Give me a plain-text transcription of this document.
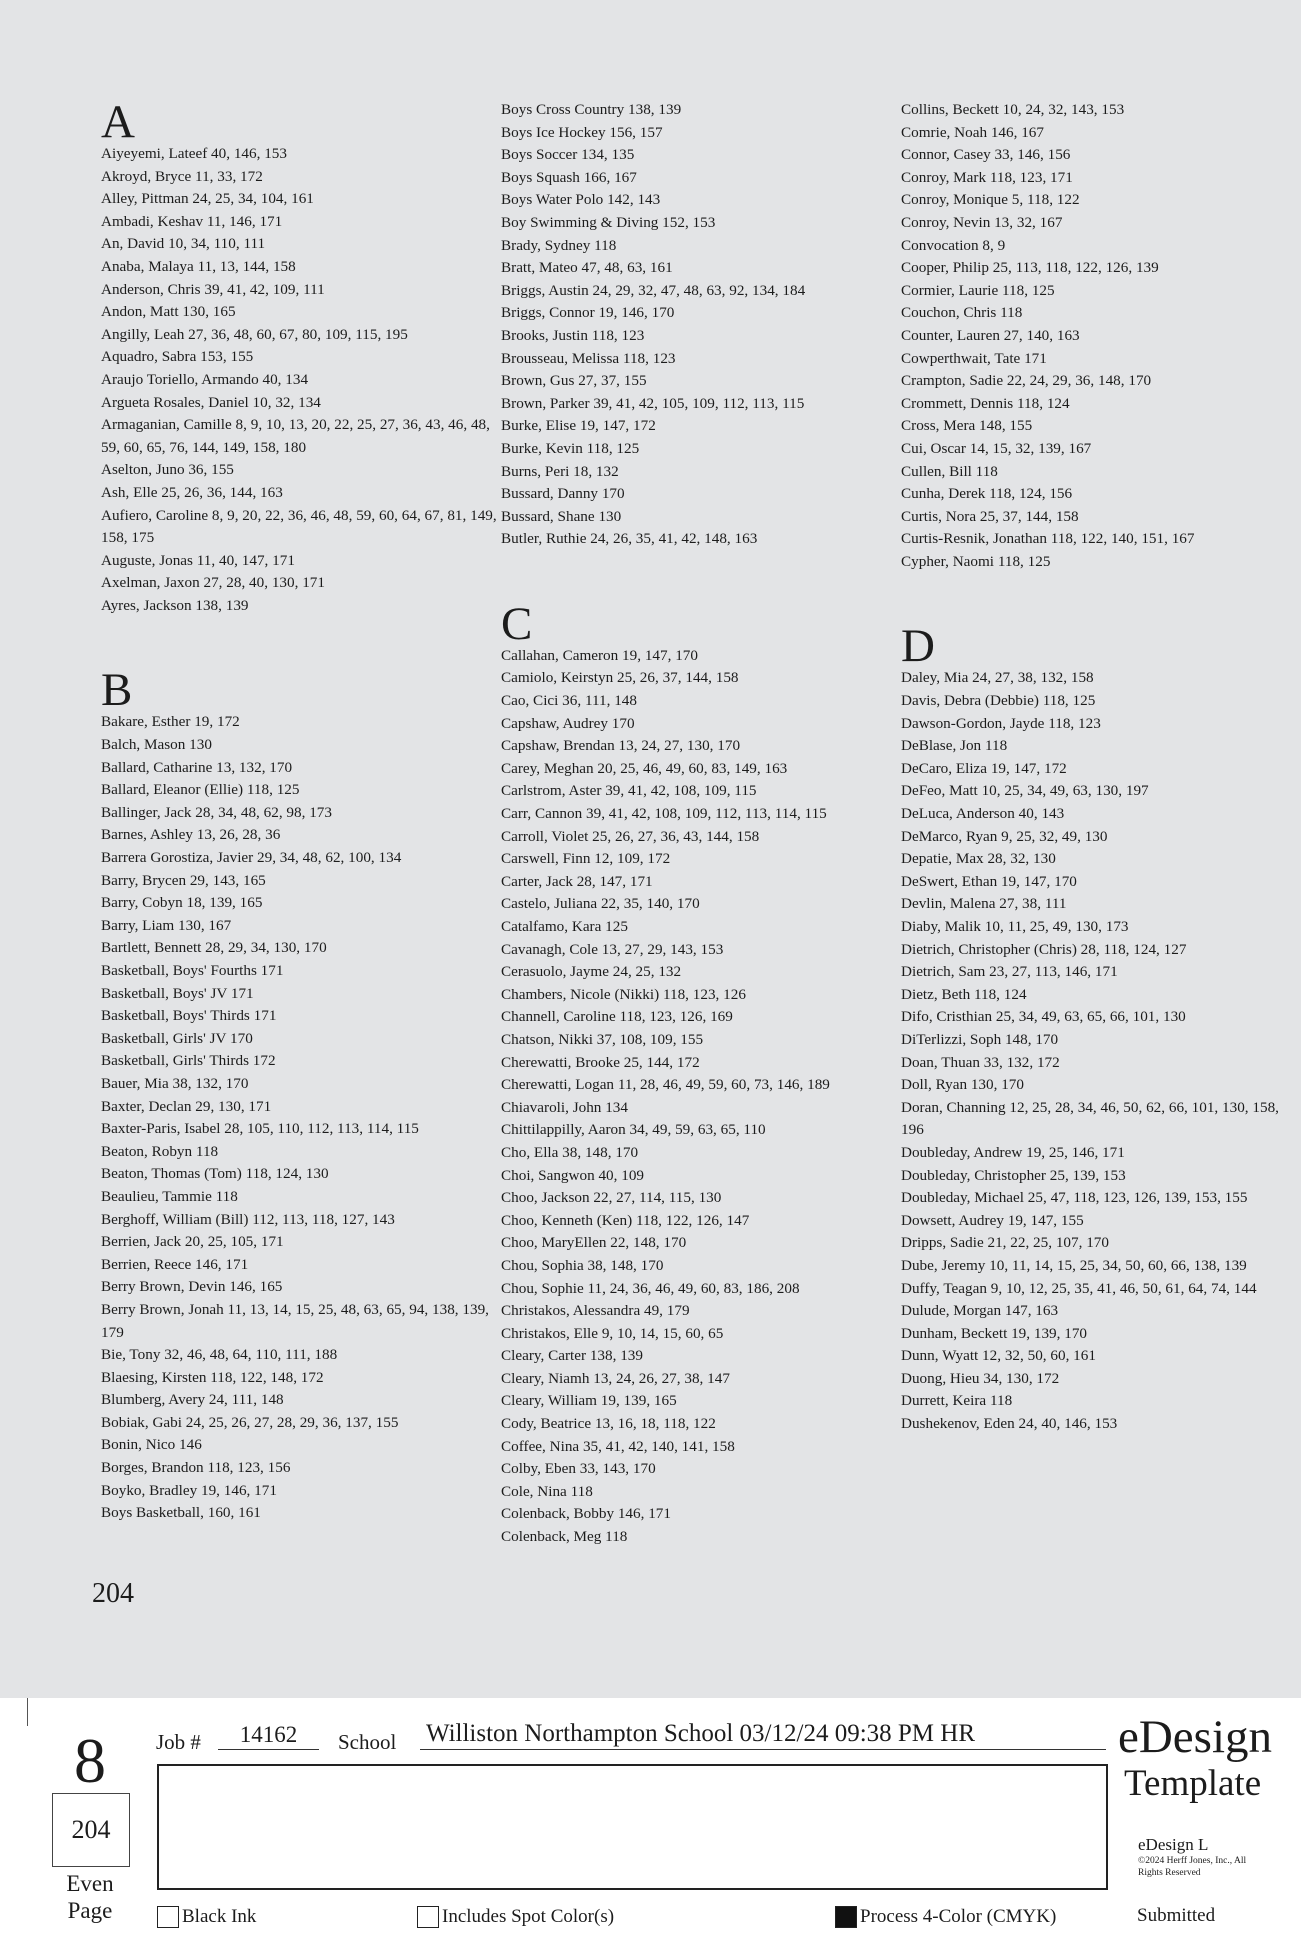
A
Aiyeyemi, Lateef 40, 146, 153
Akroyd, Bryce 11, 33, 172
Alley, Pittman 24, 25, 34, 104, 161
Ambadi, Keshav 11, 146, 171
An, David 10, 34, 110, 111
Anaba, Malaya 11, 13, 144, 158
Anderson, Chris 39, 41, 42, 109, 111
Andon, Matt 130, 165
Angilly, Leah 27, 36, 48, 60, 67, 80, 109, 115, 195
Aquadro, Sabra 153, 155
Araujo Toriello, Armando 40, 134
Argueta Rosales, Daniel 10, 32, 134
Armaganian, Camille 8, 9, 10, 13, 20, 22, 25, 27, 36, 43, 46, 48, 59, 60, 65, 76, 144, 149, 158, 180
Aselton, Juno 36, 155
Ash, Elle 25, 26, 36, 144, 163
Aufiero, Caroline 8, 9, 20, 22, 36, 46, 48, 59, 60, 64, 67, 81, 149, 158, 175
Auguste, Jonas 11, 40, 147, 171
Axelman, Jaxon 27, 28, 40, 130, 171
Ayres, Jackson 138, 139
B
Bakare, Esther 19, 172
Balch, Mason 130
Ballard, Catharine 13, 132, 170
Ballard, Eleanor (Ellie) 118, 125
Ballinger, Jack 28, 34, 48, 62, 98, 173
Barnes, Ashley 13, 26, 28, 36
Barrera Gorostiza, Javier 29, 34, 48, 62, 100, 134
Barry, Brycen 29, 143, 165
Barry, Cobyn 18, 139, 165
Barry, Liam 130, 167
Bartlett, Bennett 28, 29, 34, 130, 170
Basketball, Boys' Fourths 171
Basketball, Boys' JV 171
Basketball, Boys' Thirds 171
Basketball, Girls' JV 170
Basketball, Girls' Thirds 172
Bauer, Mia 38, 132, 170
Baxter, Declan 29, 130, 171
Baxter-Paris, Isabel 28, 105, 110, 112, 113, 114, 115
Beaton, Robyn 118
Beaton, Thomas (Tom) 118, 124, 130
Beaulieu, Tammie 118
Berghoff, William (Bill) 112, 113, 118, 127, 143
Berrien, Jack 20, 25, 105, 171
Berrien, Reece 146, 171
Berry Brown, Devin 146, 165
Berry Brown, Jonah 11, 13, 14, 15, 25, 48, 63, 65, 94, 138, 139, 179
Bie, Tony 32, 46, 48, 64, 110, 111, 188
Blaesing, Kirsten 118, 122, 148, 172
Blumberg, Avery 24, 111, 148
Bobiak, Gabi 24, 25, 26, 27, 28, 29, 36, 137, 155
Bonin, Nico 146
Borges, Brandon 118, 123, 156
Boyko, Bradley 19, 146, 171
Boys Basketball, 160, 161
Boys Cross Country 138, 139
Boys Ice Hockey 156, 157
Boys Soccer 134, 135
Boys Squash 166, 167
Boys Water Polo 142, 143
Boy Swimming & Diving 152, 153
Brady, Sydney 118
Bratt, Mateo 47, 48, 63, 161
Briggs, Austin 24, 29, 32, 47, 48, 63, 92, 134, 184
Briggs, Connor 19, 146, 170
Brooks, Justin 118, 123
Brousseau, Melissa 118, 123
Brown, Gus 27, 37, 155
Brown, Parker 39, 41, 42, 105, 109, 112, 113, 115
Burke, Elise 19, 147, 172
Burke, Kevin 118, 125
Burns, Peri 18, 132
Bussard, Danny 170
Bussard, Shane 130
Butler, Ruthie 24, 26, 35, 41, 42, 148, 163
C
Callahan, Cameron 19, 147, 170
Camiolo, Keirstyn 25, 26, 37, 144, 158
Cao, Cici 36, 111, 148
Capshaw, Audrey 170
Capshaw, Brendan 13, 24, 27, 130, 170
Carey, Meghan 20, 25, 46, 49, 60, 83, 149, 163
Carlstrom, Aster 39, 41, 42, 108, 109, 115
Carr, Cannon 39, 41, 42, 108, 109, 112, 113, 114, 115
Carroll, Violet 25, 26, 27, 36, 43, 144, 158
Carswell, Finn 12, 109, 172
Carter, Jack 28, 147, 171
Castelo, Juliana 22, 35, 140, 170
Catalfamo, Kara 125
Cavanagh, Cole 13, 27, 29, 143, 153
Cerasuolo, Jayme 24, 25, 132
Chambers, Nicole (Nikki) 118, 123, 126
Channell, Caroline 118, 123, 126, 169
Chatson, Nikki 37, 108, 109, 155
Cherewatti, Brooke 25, 144, 172
Cherewatti, Logan 11, 28, 46, 49, 59, 60, 73, 146, 189
Chiavaroli, John 134
Chittilappilly, Aaron 34, 49, 59, 63, 65, 110
Cho, Ella 38, 148, 170
Choi, Sangwon 40, 109
Choo, Jackson 22, 27, 114, 115, 130
Choo, Kenneth (Ken) 118, 122, 126, 147
Choo, MaryEllen 22, 148, 170
Chou, Sophia 38, 148, 170
Chou, Sophie 11, 24, 36, 46, 49, 60, 83, 186, 208
Christakos, Alessandra 49, 179
Christakos, Elle 9, 10, 14, 15, 60, 65
Cleary, Carter 138, 139
Cleary, Niamh 13, 24, 26, 27, 38, 147
Cleary, William 19, 139, 165
Cody, Beatrice 13, 16, 18, 118, 122
Coffee, Nina 35, 41, 42, 140, 141, 158
Colby, Eben 33, 143, 170
Cole, Nina 118
Colenback, Bobby 146, 171
Colenback, Meg 118
Collins, Beckett 10, 24, 32, 143, 153
Comrie, Noah 146, 167
Connor, Casey 33, 146, 156
Conroy, Mark 118, 123, 171
Conroy, Monique 5, 118, 122
Conroy, Nevin 13, 32, 167
Convocation 8, 9
Cooper, Philip 25, 113, 118, 122, 126, 139
Cormier, Laurie 118, 125
Couchon, Chris 118
Counter, Lauren 27, 140, 163
Cowperthwait, Tate 171
Crampton, Sadie 22, 24, 29, 36, 148, 170
Crommett, Dennis 118, 124
Cross, Mera 148, 155
Cui, Oscar 14, 15, 32, 139, 167
Cullen, Bill 118
Cunha, Derek 118, 124, 156
Curtis, Nora 25, 37, 144, 158
Curtis-Resnik, Jonathan 118, 122, 140, 151, 167
Cypher, Naomi 118, 125
D
Daley, Mia 24, 27, 38, 132, 158
Davis, Debra (Debbie) 118, 125
Dawson-Gordon, Jayde 118, 123
DeBlase, Jon 118
DeCaro, Eliza 19, 147, 172
DeFeo, Matt 10, 25, 34, 49, 63, 130, 197
DeLuca, Anderson 40, 143
DeMarco, Ryan 9, 25, 32, 49, 130
Depatie, Max 28, 32, 130
DeSwert, Ethan 19, 147, 170
Devlin, Malena 27, 38, 111
Diaby, Malik 10, 11, 25, 49, 130, 173
Dietrich, Christopher (Chris) 28, 118, 124, 127
Dietrich, Sam 23, 27, 113, 146, 171
Dietz, Beth 118, 124
Difo, Cristhian 25, 34, 49, 63, 65, 66, 101, 130
DiTerlizzi, Soph 148, 170
Doan, Thuan 33, 132, 172
Doll, Ryan 130, 170
Doran, Channing 12, 25, 28, 34, 46, 50, 62, 66, 101, 130, 158, 196
Doubleday, Andrew 19, 25, 146, 171
Doubleday, Christopher 25, 139, 153
Doubleday, Michael 25, 47, 118, 123, 126, 139, 153, 155
Dowsett, Audrey 19, 147, 155
Dripps, Sadie 21, 22, 25, 107, 170
Dube, Jeremy 10, 11, 14, 15, 25, 34, 50, 60, 66, 138, 139
Duffy, Teagan 9, 10, 12, 25, 35, 41, 46, 50, 61, 64, 74, 144
Dulude, Morgan 147, 163
Dunham, Beckett 19, 139, 170
Dunn, Wyatt 12, 32, 50, 60, 161
Duong, Hieu 34, 130, 172
Durrett, Keira 118
Dushekenov, Eden 24, 40, 146, 153
204
8
204
Even Page
Job #	14162	School Williston Northampton School 03/12/24 09:38 PM HR	eDesign
Template
eDesign L
©2024 Herff Jones, Inc., All Rights Reserved
Submitted
Black Ink	Includes Spot Color(s)	Process 4-Color (CMYK)
